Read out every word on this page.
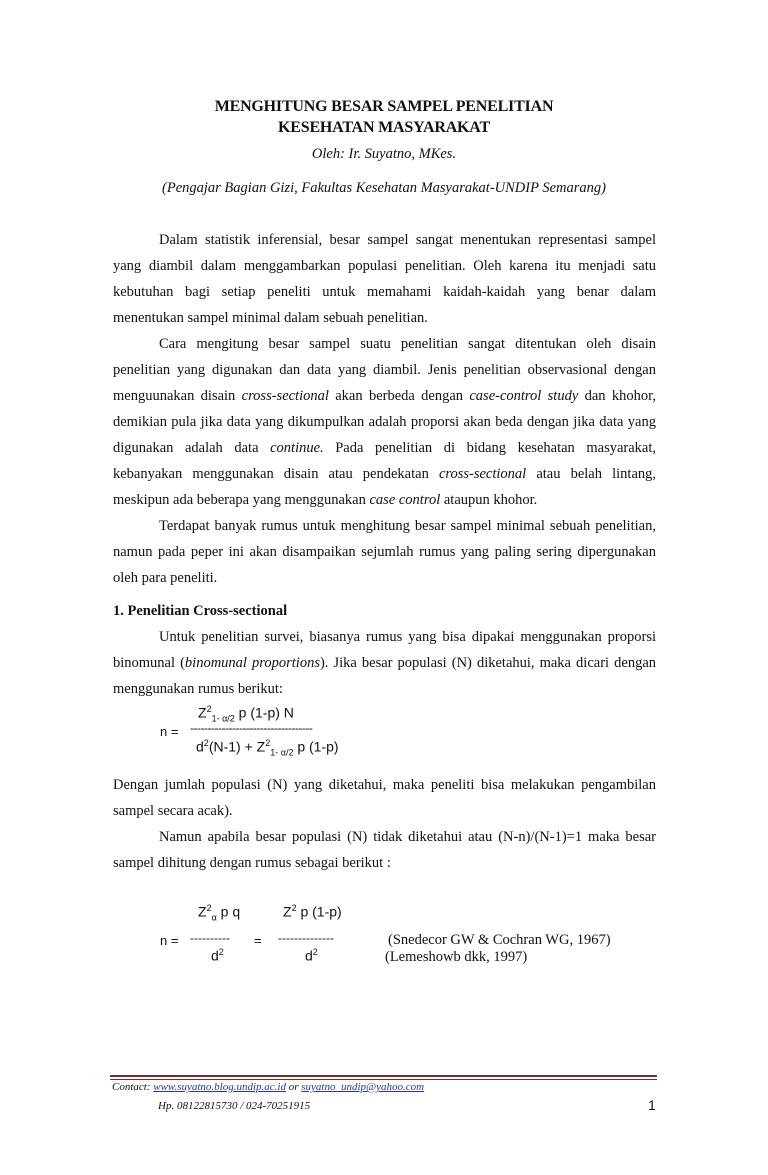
MENGHITUNG BESAR SAMPEL PENELITIAN
KESEHATAN MASYARAKAT
Oleh: Ir. Suyatno, MKes.
(Pengajar Bagian Gizi, Fakultas Kesehatan Masyarakat-UNDIP Semarang)
Dalam statistik inferensial, besar sampel sangat menentukan representasi sampel yang diambil dalam menggambarkan populasi penelitian. Oleh karena itu menjadi satu kebutuhan bagi setiap peneliti untuk memahami kaidah-kaidah yang benar dalam menentukan sampel minimal dalam sebuah penelitian.
Cara mengitung besar sampel suatu penelitian sangat ditentukan oleh disain penelitian yang digunakan dan data yang diambil. Jenis penelitian observasional dengan menguunakan disain cross-sectional akan berbeda dengan case-control study dan khohor, demikian pula jika data yang dikumpulkan adalah proporsi akan beda dengan jika data yang digunakan adalah data continue. Pada penelitian di bidang kesehatan masyarakat, kebanyakan menggunakan disain atau pendekatan cross-sectional atau belah lintang, meskipun ada beberapa yang menggunakan case control ataupun khohor.
Terdapat banyak rumus untuk menghitung besar sampel minimal sebuah penelitian, namun pada peper ini akan disampaikan sejumlah rumus yang paling sering dipergunakan oleh para peneliti.
1. Penelitian Cross-sectional
Untuk penelitian survei, biasanya rumus yang bisa dipakai menggunakan proporsi binomunal (binomunal proportions). Jika besar populasi (N) diketahui, maka dicari dengan menggunakan rumus berikut:
$Z^2_{1- \alpha/2}$ p (1-p) N
n = -----------------------------------
$d^2(N-1) + Z^2_{1- \alpha/2}$ p (1-p)
Dengan jumlah populasi (N) yang diketahui, maka peneliti bisa melakukan pengambilan sampel secara acak).
Namun apabila besar populasi (N) tidak diketahui atau (N-n)/(N-1)=1 maka besar sampel dihitung dengan rumus sebagai berikut :
$Z^2_\alpha$ p q	$Z^2$ p (1-p)
n = ---------- = --------------
$d^2$	$d^2$
(Snedecor GW & Cochran WG, 1967)
(Lemeshowb dkk, 1997)
Contact: www.suyatno.blog.undip.ac.id or suyatno_undip@yahoo.com
Hp. 08122815730 / 024-70251915	1
